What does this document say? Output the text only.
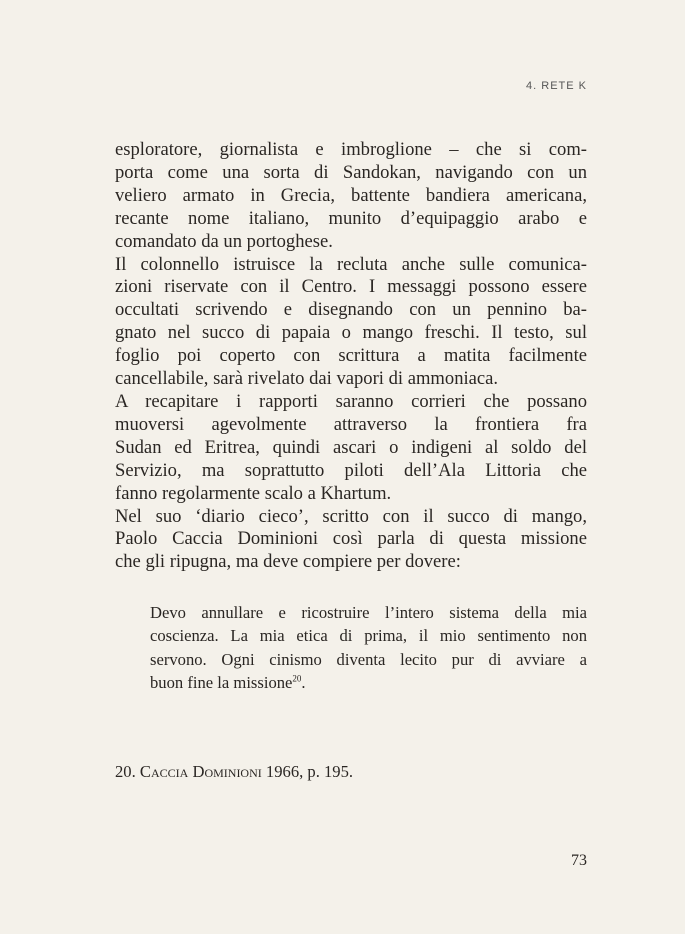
4. RETE K
esploratore, giornalista e imbroglione – che si com-
porta come una sorta di Sandokan, navigando con un
veliero armato in Grecia, battente bandiera americana,
recante nome italiano, munito d’equipaggio arabo e
comandato da un portoghese.
Il colonnello istruisce la recluta anche sulle comunica-
zioni riservate con il Centro. I messaggi possono essere
occultati scrivendo e disegnando con un pennino ba-
gnato nel succo di papaia o mango freschi. Il testo, sul
foglio poi coperto con scrittura a matita facilmente
cancellabile, sarà rivelato dai vapori di ammoniaca.
A recapitare i rapporti saranno corrieri che possano
muoversi agevolmente attraverso la frontiera fra
Sudan ed Eritrea, quindi ascari o indigeni al soldo del
Servizio, ma soprattutto piloti dell’Ala Littoria che
fanno regolarmente scalo a Khartum.
Nel suo ‘diario cieco’, scritto con il succo di mango,
Paolo Caccia Dominioni così parla di questa missione
che gli ripugna, ma deve compiere per dovere:
Devo annullare e ricostruire l’intero sistema della mia
coscienza. La mia etica di prima, il mio sentimento non
servono. Ogni cinismo diventa lecito pur di avviare a
buon fine la missione$^{20}$.
20. Caccia Dominioni 1966, p. 195.
73
